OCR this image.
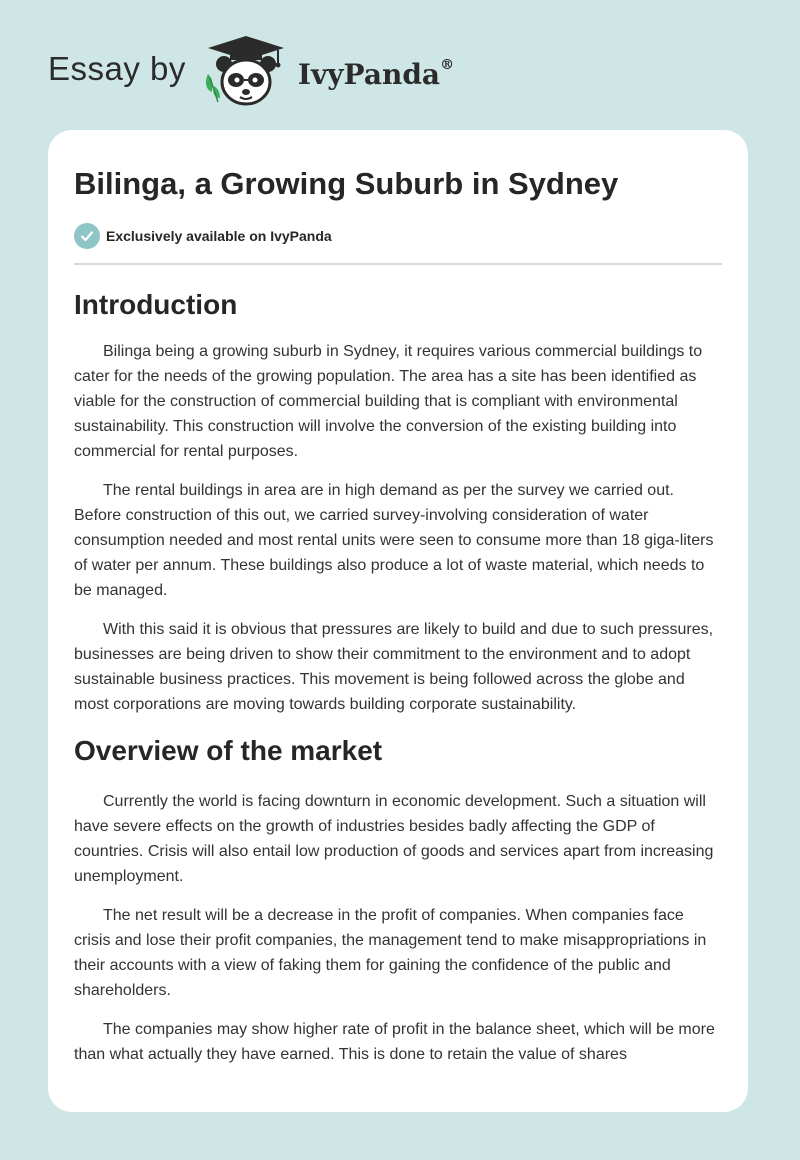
Essay by	IvyPanda®
Bilinga, a Growing Suburb in Sydney
Exclusively available on IvyPanda
Introduction

Bilinga being a growing suburb in Sydney, it requires various commercial buildings to cater for the needs of the growing population. The area has a site has been identified as viable for the construction of commercial building that is compliant with environmental sustainability. This construction will involve the conversion of the existing building into commercial for rental purposes.

The rental buildings in area are in high demand as per the survey we carried out. Before construction of this out, we carried survey-involving consideration of water consumption needed and most rental units were seen to consume more than 18 giga-liters of water per annum. These buildings also produce a lot of waste material, which needs to be managed.

With this said it is obvious that pressures are likely to build and due to such pressures, businesses are being driven to show their commitment to the environment and to adopt sustainable business practices. This movement is being followed across the globe and most corporations are moving towards building corporate sustainability.

Overview of the market

Currently the world is facing downturn in economic development. Such a situation will have severe effects on the growth of industries besides badly affecting the GDP of countries. Crisis will also entail low production of goods and services apart from increasing unemployment.

The net result will be a decrease in the profit of companies. When companies face crisis and lose their profit companies, the management tend to make misappropriations in their accounts with a view of faking them for gaining the confidence of the public and shareholders.

The companies may show higher rate of profit in the balance sheet, which will be more than what actually they have earned. This is done to retain the value of shares
